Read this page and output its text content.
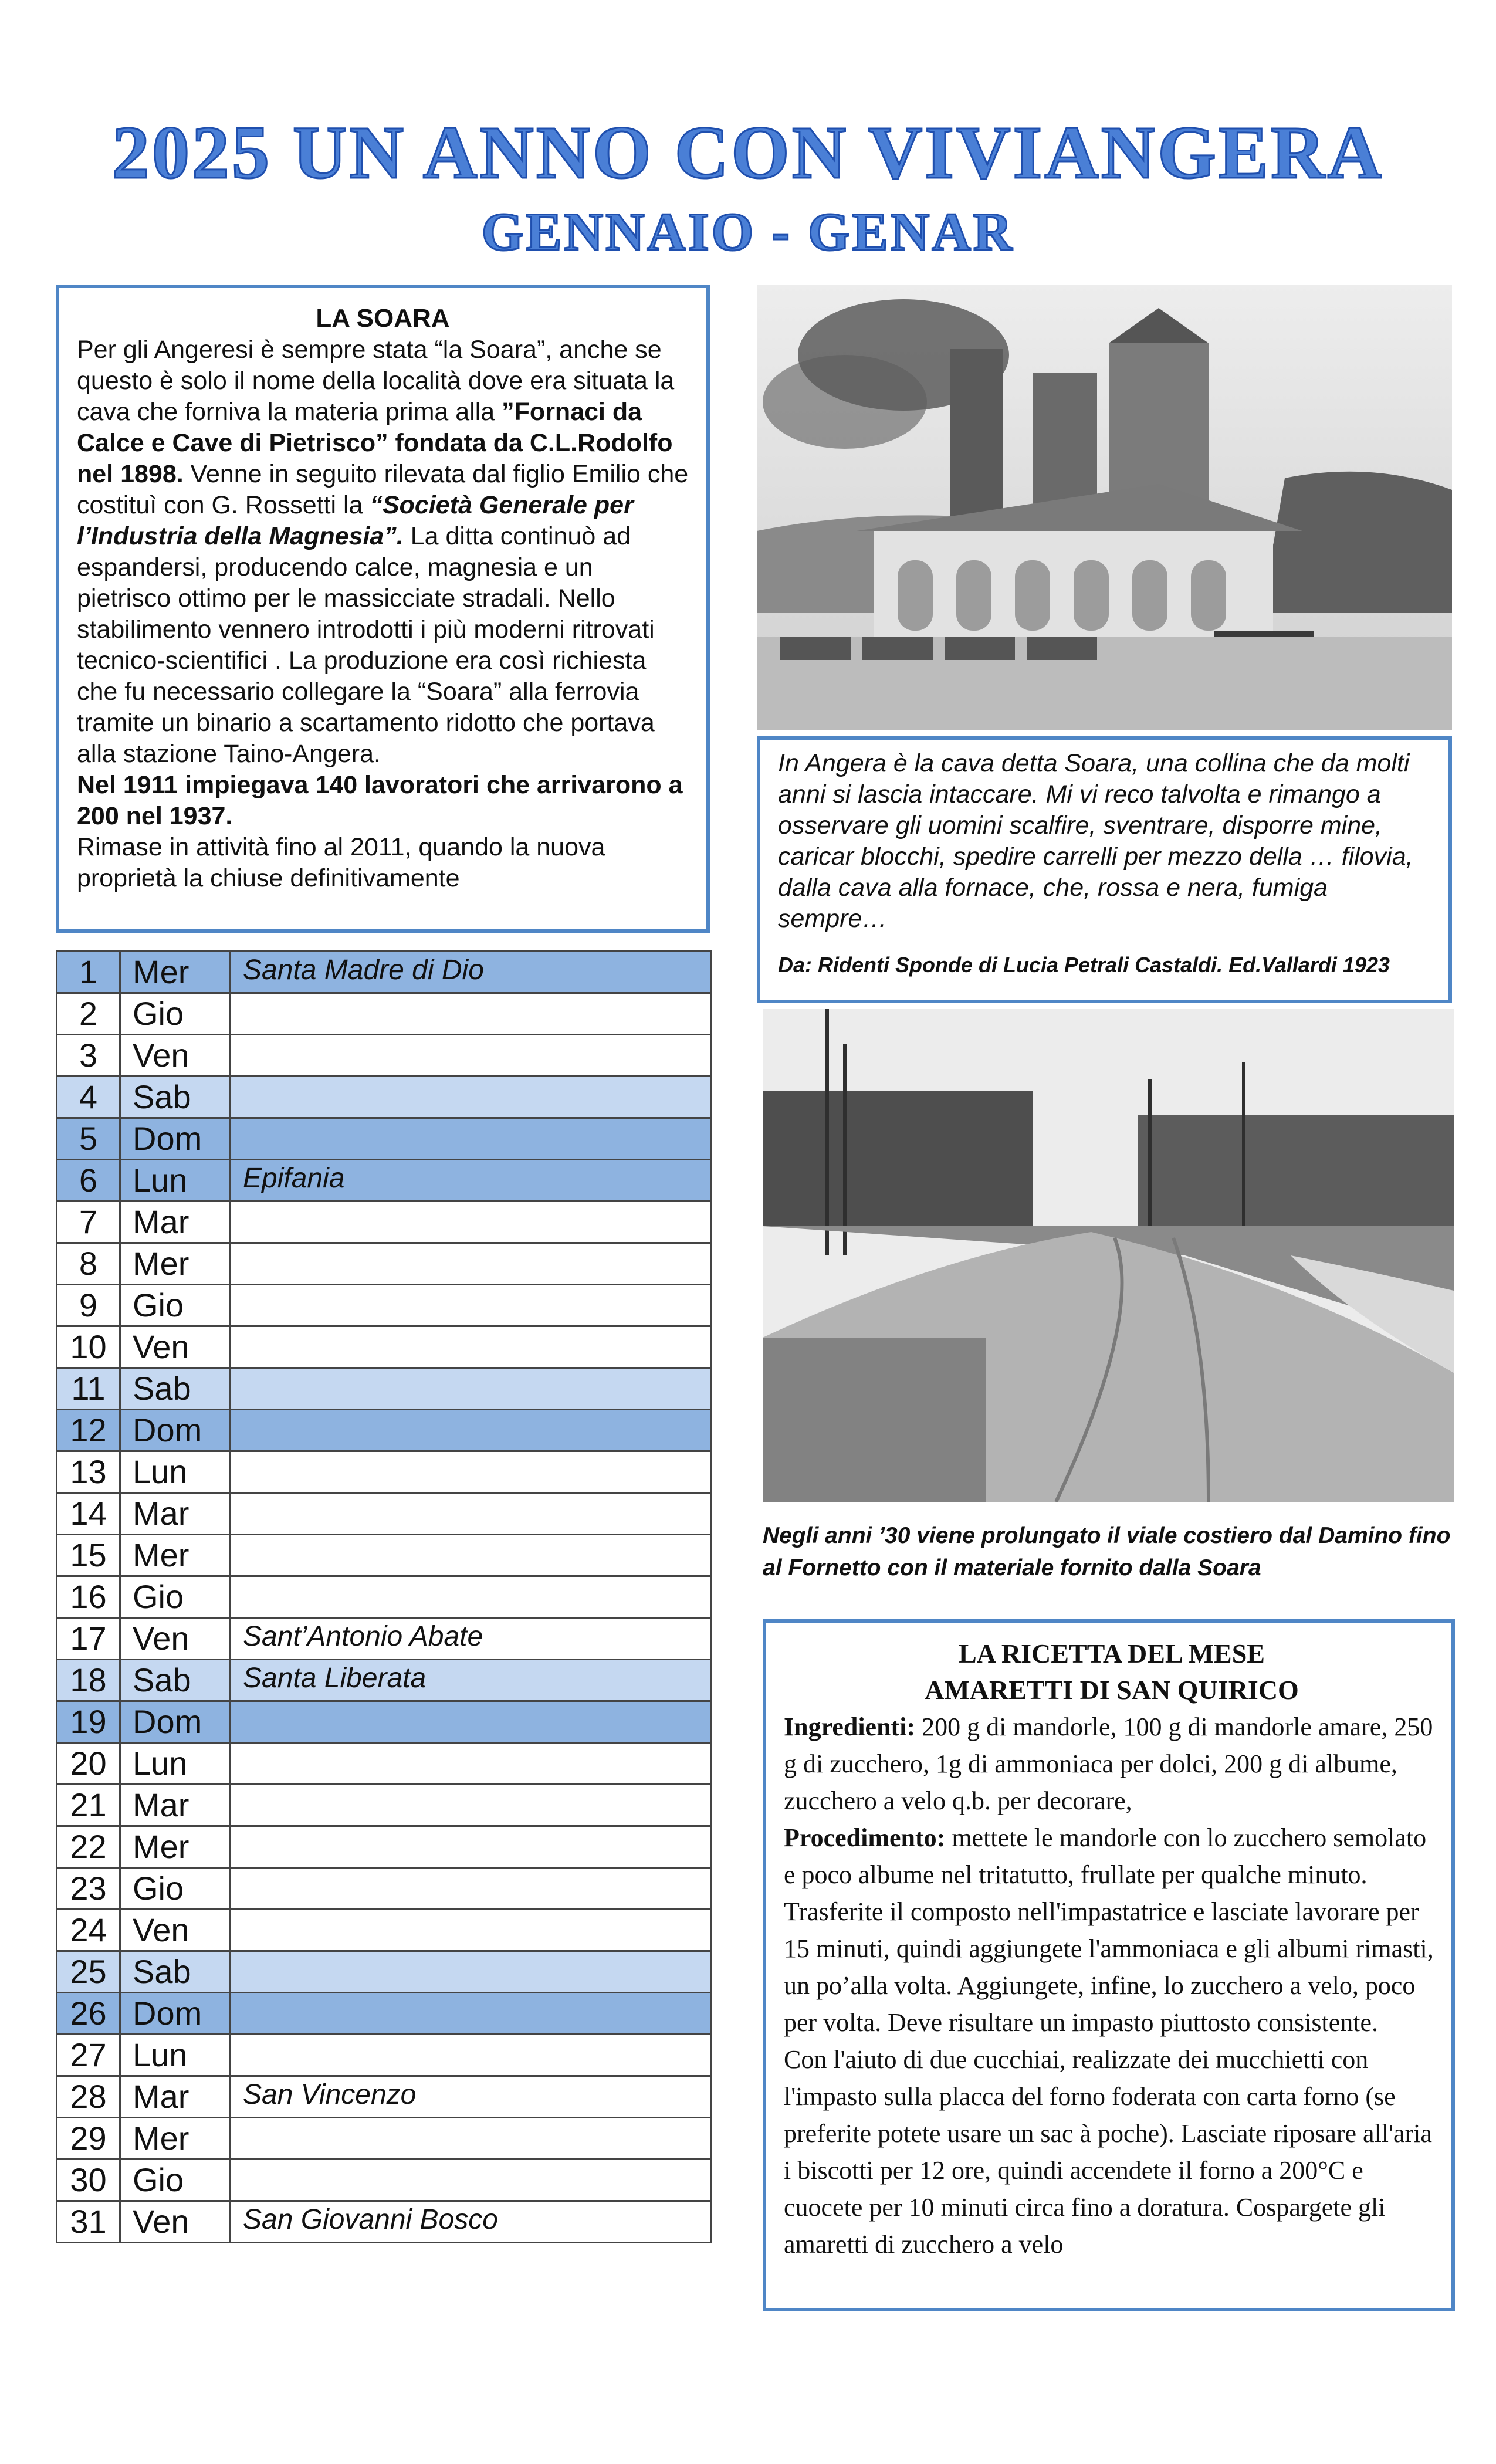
2025 UN ANNO CON VIVIANGERA
GENNAIO - GENAR
LA SOARA

Per gli Angeresi è sempre stata “la Soara”, anche se questo è solo il nome della località dove era situata la cava che forniva la materia prima alla ”Fornaci da Calce e Cave di Pietrisco” fondata da C.L.Rodolfo nel 1898. Venne in seguito rilevata dal figlio Emilio che costituì con G. Rossetti la “Società Generale per l’Industria della Magnesia”. La ditta continuò ad espandersi, producendo calce, magnesia e un pietrisco ottimo per le massicciate stradali. Nello stabilimento vennero introdotti i più moderni ritrovati tecnico-scientifici . La produzione era così richiesta che fu necessario collegare la “Soara” alla ferrovia tramite un binario a scartamento ridotto che portava alla stazione Taino-Angera.

Nel 1911 impiegava 140 lavoratori che arrivarono a 200 nel 1937.

Rimase in attività fino al 2011, quando la nuova proprietà la chiuse definitivamente

1	Mer	Santa Madre di Dio
2	Gio	
3	Ven	
4	Sab	
5	Dom	
6	Lun	Epifania
7	Mar	
8	Mer	
9	Gio	
10	Ven	
11	Sab	
12	Dom	
13	Lun	
14	Mar	
15	Mer	
16	Gio	
17	Ven	Sant’Antonio Abate
18	Sab	Santa Liberata
19	Dom	
20	Lun	
21	Mar	
22	Mer	
23	Gio	
24	Ven	
25	Sab	
26	Dom	
27	Lun	
28	Mar	San Vincenzo
29	Mer	
30	Gio	
31	Ven	San Giovanni Bosco

In Angera è la cava detta Soara, una collina che da molti anni si lascia intaccare. Mi vi reco talvolta e rimango a osservare gli uomini scalfire, sventrare, disporre mine, caricar blocchi, spedire carrelli per mezzo della … filovia, dalla cava alla fornace, che, rossa e nera, fumiga sempre…

Da: Ridenti Sponde di Lucia Petrali Castaldi. Ed.Vallardi 1923
Negli anni ’30 viene prolungato il viale costiero dal Damino fino al Fornetto con il materiale fornito dalla Soara

LA RICETTA DEL MESE

AMARETTI DI SAN QUIRICO

Ingredienti: 200 g di mandorle, 100 g di mandorle amare, 250 g di zucchero, 1g di ammoniaca per dolci, 200 g di albume, zucchero a velo q.b. per decorare,

Procedimento: mettete le mandorle con lo zucchero semolato e poco albume nel tritatutto, frullate per qualche minuto. Trasferite il composto nell'impastatrice e lasciate lavorare per 15 minuti, quindi aggiungete l'ammoniaca e gli albumi rimasti, un po’alla volta. Aggiungete, infine, lo zucchero a velo, poco per volta. Deve risultare un impasto piuttosto consistente.

Con l'aiuto di due cucchiai, realizzate dei mucchietti con l'impasto sulla placca del forno foderata con carta forno (se preferite potete usare un sac à poche). Lasciate riposare all'aria i biscotti per 12 ore, quindi accendete il forno a 200°C e cuocete per 10 minuti circa fino a doratura. Cospargete gli amaretti di zucchero a velo
